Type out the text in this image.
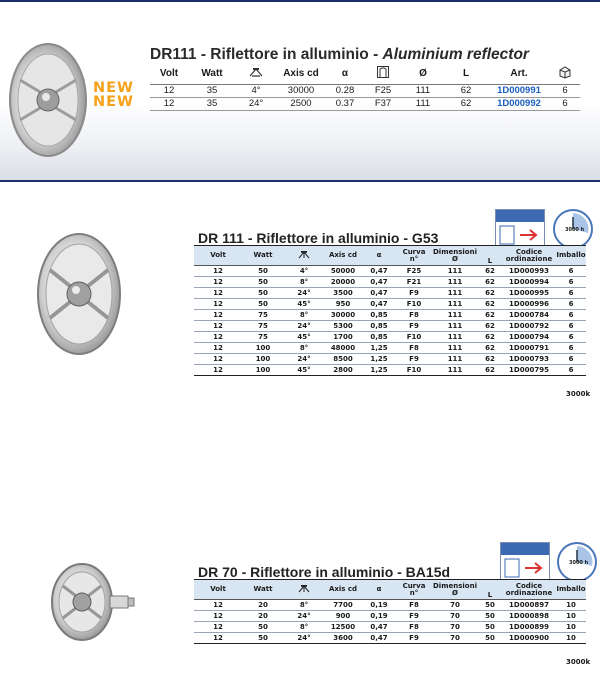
NEW
NEW
DR111 - Riflettore in alluminio - Aluminium reflector
Volt	Watt		Axis cd	α		Ø	L	Art.	
12	35	4°	30000	0.28	F25	111	62	1D000991	6
12	35	24°	2500	0.37	F37	111	62	1D000992	6
DR 111 - Riflettore in alluminio - G53	3000 h
Volt	Watt		Axis cd	α	Curva
n°	Dimensioni
Ø	L	Codice
ordinazione	Imballo
12	50	4°	50000	0,47	F25	111	62	1D000993	6
12	50	8°	20000	0,47	F21	111	62	1D000994	6
12	50	24°	3500	0,47	F9	111	62	1D000995	6
12	50	45°	950	0,47	F10	111	62	1D000996	6
12	75	8°	30000	0,85	F8	111	62	1D000784	6
12	75	24°	5300	0,85	F9	111	62	1D000792	6
12	75	45°	1700	0,85	F10	111	62	1D000794	6
12	100	8°	48000	1,25	F8	111	62	1D000791	6
12	100	24°	8500	1,25	F9	111	62	1D000793	6
12	100	45°	2800	1,25	F10	111	62	1D000795	6
3000k
DR 70 - Riflettore in alluminio - BA15d
3000 h
Volt	Watt		Axis cd	α	Curva
n°	Dimensioni
Ø	L	Codice
ordinazione	Imballo
12	20	8°	7700	0,19	F8	70	50	1D000897	10
12	20	24°	900	0,19	F9	70	50	1D000898	10
12	50	8°	12500	0,47	F8	70	50	1D000899	10
12	50	24°	3600	0,47	F9	70	50	1D000900	10
3000k
